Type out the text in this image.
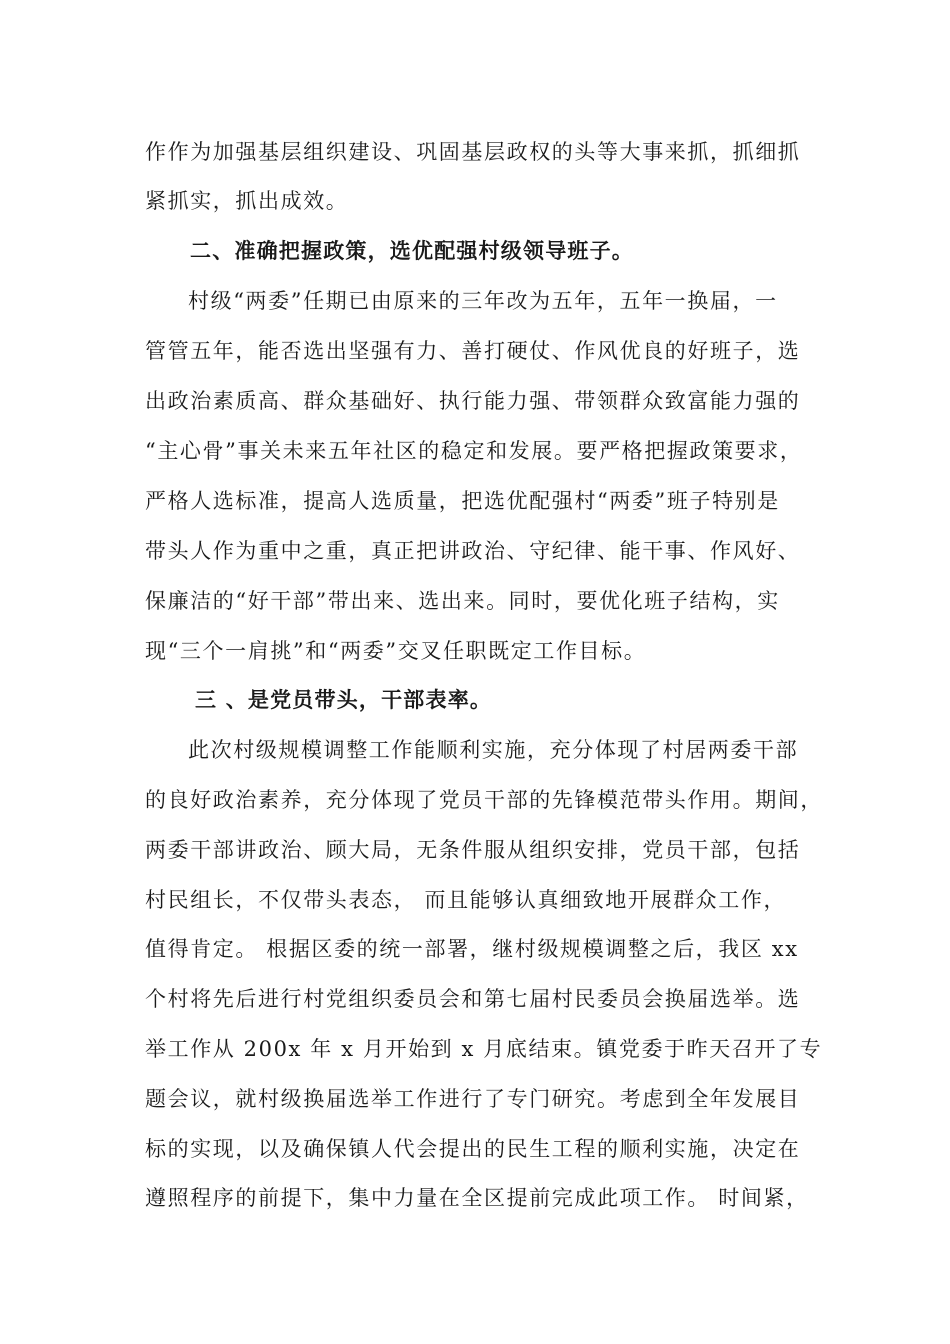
作作为加强基层组织建设、巩固基层政权的头等大事来抓，抓细抓
紧抓实，抓出成效。
二、准确把握政策，选优配强村级领导班子。
村级“两委”任期已由原来的三年改为五年，五年一换届，一
管管五年，能否选出坚强有力、善打硬仗、作风优良的好班子，选
出政治素质高、群众基础好、执行能力强、带领群众致富能力强的
“主心骨”事关未来五年社区的稳定和发展。要严格把握政策要求，
严格人选标准，提高人选质量，把选优配强村“两委”班子特别是
带头人作为重中之重，真正把讲政治、守纪律、能干事、作风好、
保廉洁的“好干部”带出来、选出来。同时，要优化班子结构，实
现“三个一肩挑”和“两委”交叉任职既定工作目标。
三 、是党员带头，干部表率。
此次村级规模调整工作能顺利实施，充分体现了村居两委干部
的良好政治素养，充分体现了党员干部的先锋模范带头作用。期间，
两委干部讲政治、顾大局，无条件服从组织安排，党员干部，包括
村民组长，不仅带头表态， 而且能够认真细致地开展群众工作，
值得肯定。 根据区委的统一部署，继村级规模调整之后，我区 xx
个村将先后进行村党组织委员会和第七届村民委员会换届选举。选
举工作从 200x 年 x 月开始到 x 月底结束。镇党委于昨天召开了专
题会议，就村级换届选举工作进行了专门研究。考虑到全年发展目
标的实现，以及确保镇人代会提出的民生工程的顺利实施，决定在
遵照程序的前提下，集中力量在全区提前完成此项工作。 时间紧，
